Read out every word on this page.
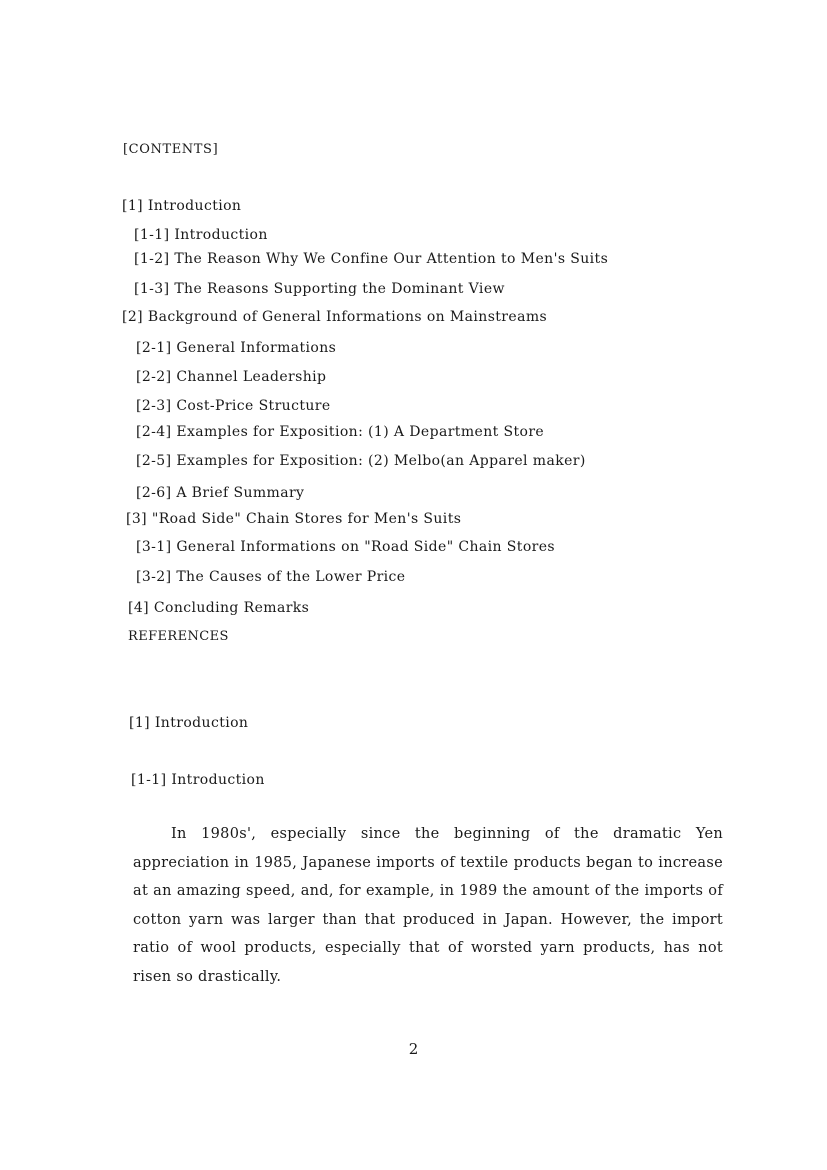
[CONTENTS]
[1] Introduction
[1-1] Introduction
[1-2] The Reason Why We Confine Our Attention to Men's Suits
[1-3] The Reasons Supporting the Dominant View
[2] Background of General Informations on Mainstreams
[2-1] General Informations
[2-2] Channel Leadership
[2-3] Cost-Price Structure
[2-4] Examples for Exposition: (1) A Department Store
[2-5] Examples for Exposition: (2) Melbo(an Apparel maker)
[2-6] A Brief Summary
[3] "Road Side" Chain Stores for Men's Suits
[3-1] General Informations on "Road Side" Chain Stores
[3-2] The Causes of the Lower Price
[4] Concluding Remarks
REFERENCES
[1] Introduction
[1-1] Introduction

In 1980s', especially since the beginning of the dramatic Yen appreciation in 1985, Japanese imports of textile products began to increase at an amazing speed, and, for example, in 1989 the amount of the imports of cotton yarn was larger than that produced in Japan. However, the import ratio of wool products, especially that of worsted yarn products, has not risen so drastically.

2
